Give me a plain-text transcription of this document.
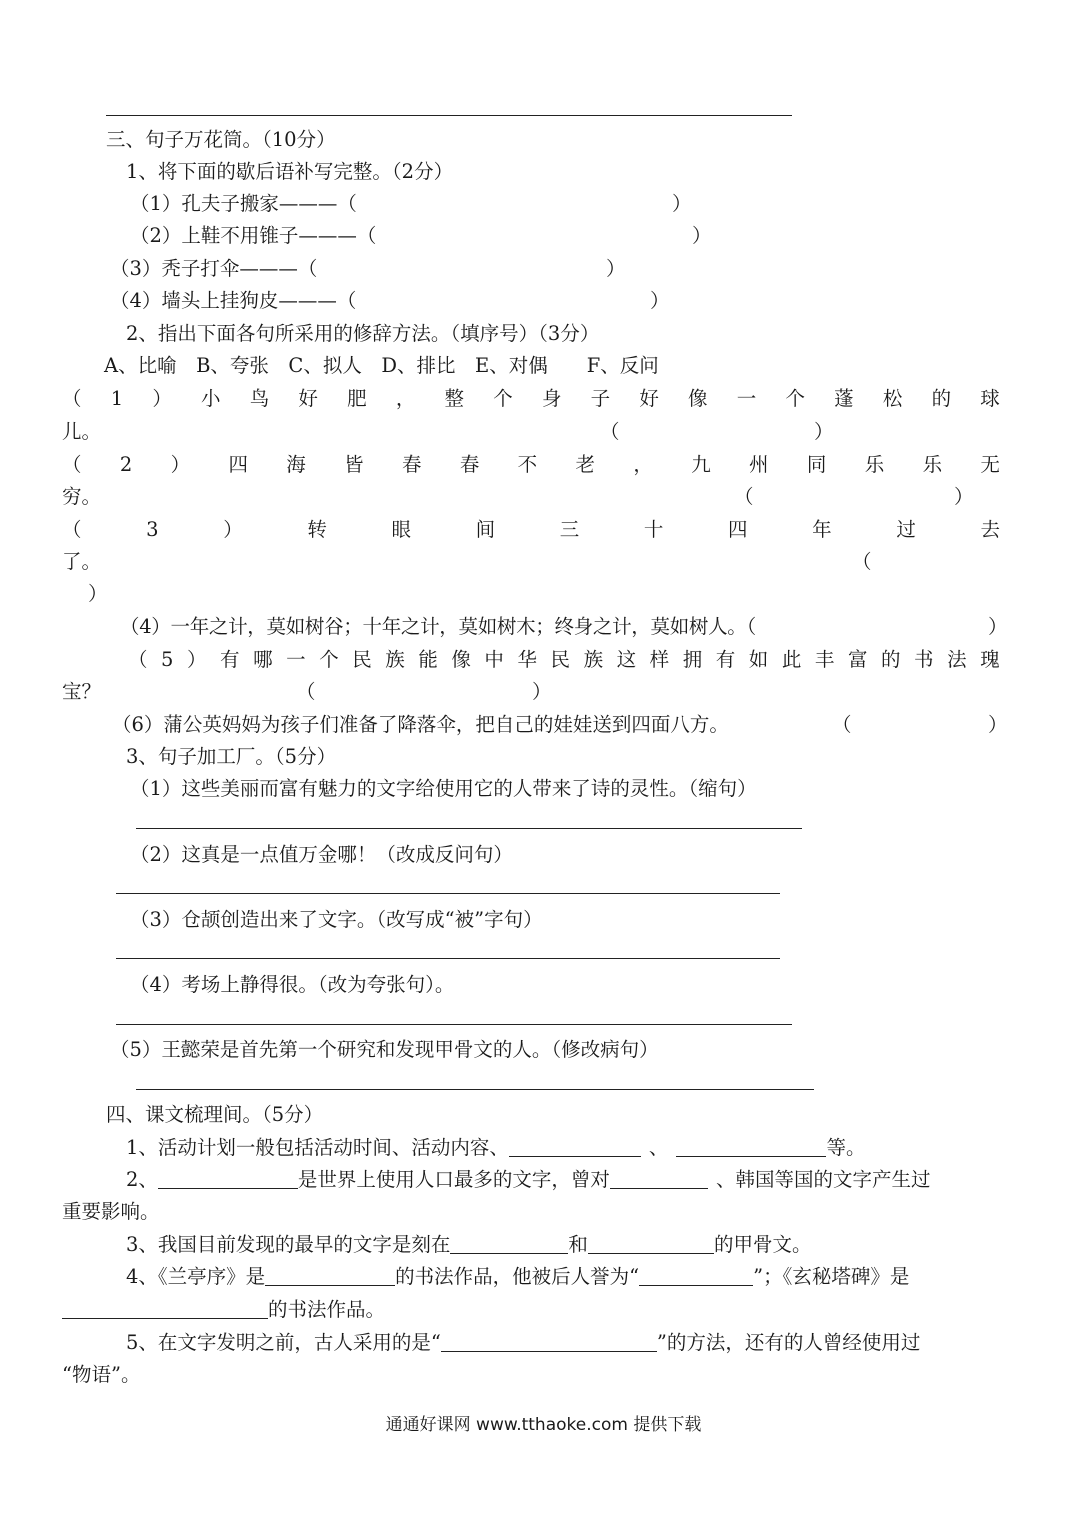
三、句子万花筒。（10分）
1、将下面的歇后语补写完整。（2分）
（1）孔夫子搬家———（	）
（2）上鞋不用锥子———（	）
（3）秃子打伞———（	）
（4）墙头上挂狗皮———（	）
2、指出下面各句所采用的修辞方法。（填序号）（3分）
A、比喻　B、夸张　C、拟人　D、排比　E、对偶　　F、反问
（ 1 ） 小 鸟 好 肥 ， 整 个 身 子 好 像 一 个 蓬 松 的 球
儿。	（	）
（ 2 ） 四 海 皆 春 春 不 老 ， 九 州 同 乐 乐 无
穷。	（	）
（	3	）	转	眼	间	三	十	四	年	过	去
了。	（
）
（4）一年之计，莫如树谷；十年之计，莫如树木；终身之计，莫如树人。（	）
（ 5 ） 有 哪 一 个 民 族 能 像 中 华 民 族 这 样 拥 有 如 此 丰 富 的 书 法 瑰
宝？	（	）
（6）蒲公英妈妈为孩子们准备了降落伞，把自己的娃娃送到四面八方。	（	）
3、句子加工厂。（5分）
（1）这些美丽而富有魅力的文字给使用它的人带来了诗的灵性。（缩句）
（2）这真是一点值万金哪！（改成反问句）
（3）仓颉创造出来了文字。（改写成“被”字句）
（4）考场上静得很。（改为夸张句）。
（5）王懿荣是首先第一个研究和发现甲骨文的人。（修改病句）
四、课文梳理间。（5分）
1、活动计划一般包括活动时间、活动内容、	、	等。
2、	是世界上使用人口最多的文字，曾对	、韩国等国的文字产生过
重要影响。
3、我国目前发现的最早的文字是刻在	和	的甲骨文。
4、《兰亭序》是	的书法作品，他被后人誉为“	”；《玄秘塔碑》是
的书法作品。
5、在文字发明之前，古人采用的是“	”的方法，还有的人曾经使用过
“物语”。
通通好课网 www.tthaoke.com 提供下载
